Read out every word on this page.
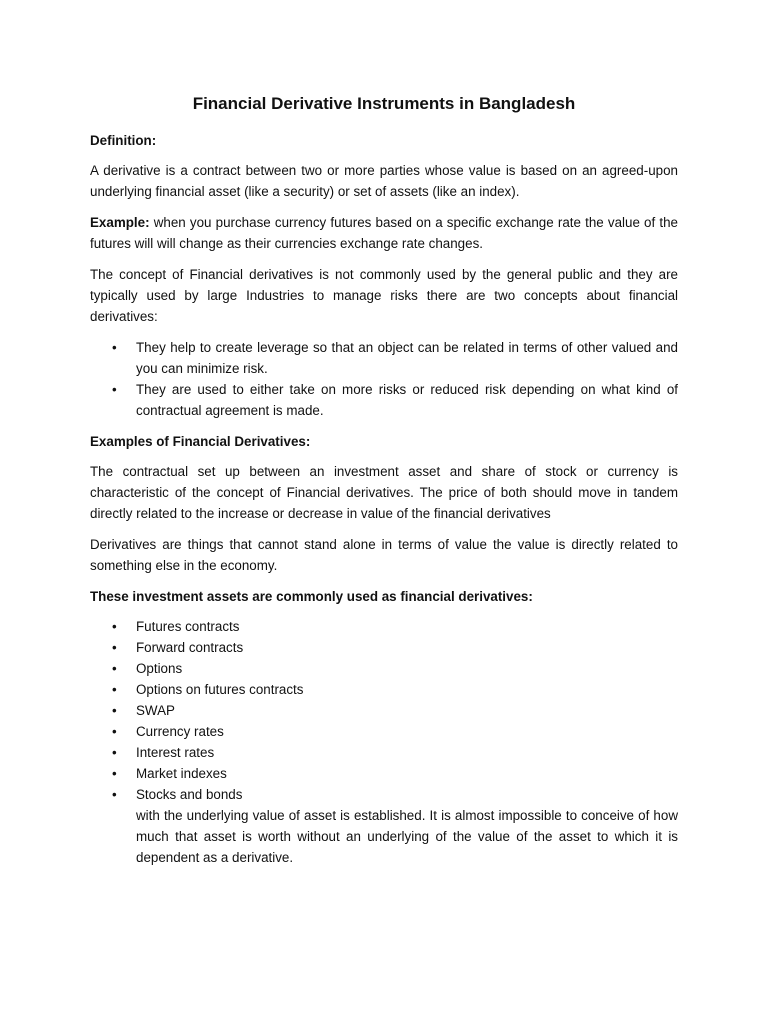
Financial Derivative Instruments in Bangladesh
Definition:

A derivative is a contract between two or more parties whose value is based on an agreed-upon underlying financial asset (like a security) or set of assets (like an index).

Example: when you purchase currency futures based on a specific exchange rate the value of the futures will will change as their currencies exchange rate changes.

The concept of Financial derivatives is not commonly used by the general public and they are typically used by large Industries to manage risks there are two concepts about financial derivatives:

• They help to create leverage so that an object can be related in terms of other valued and you can minimize risk.
• They are used to either take on more risks or reduced risk depending on what kind of contractual agreement is made.
Examples of Financial Derivatives:

The contractual set up between an investment asset and share of stock or currency is characteristic of the concept of Financial derivatives. The price of both should move in tandem directly related to the increase or decrease in value of the financial derivatives

Derivatives are things that cannot stand alone in terms of value the value is directly related to something else in the economy.

These investment assets are commonly used as financial derivatives:
• Futures contracts
• Forward contracts
• Options
• Options on futures contracts
• SWAP
• Currency rates
• Interest rates
• Market indexes
• Stocks and bonds

with the underlying value of asset is established. It is almost impossible to conceive of how much that asset is worth without an underlying of the value of the asset to which it is dependent as a derivative.
